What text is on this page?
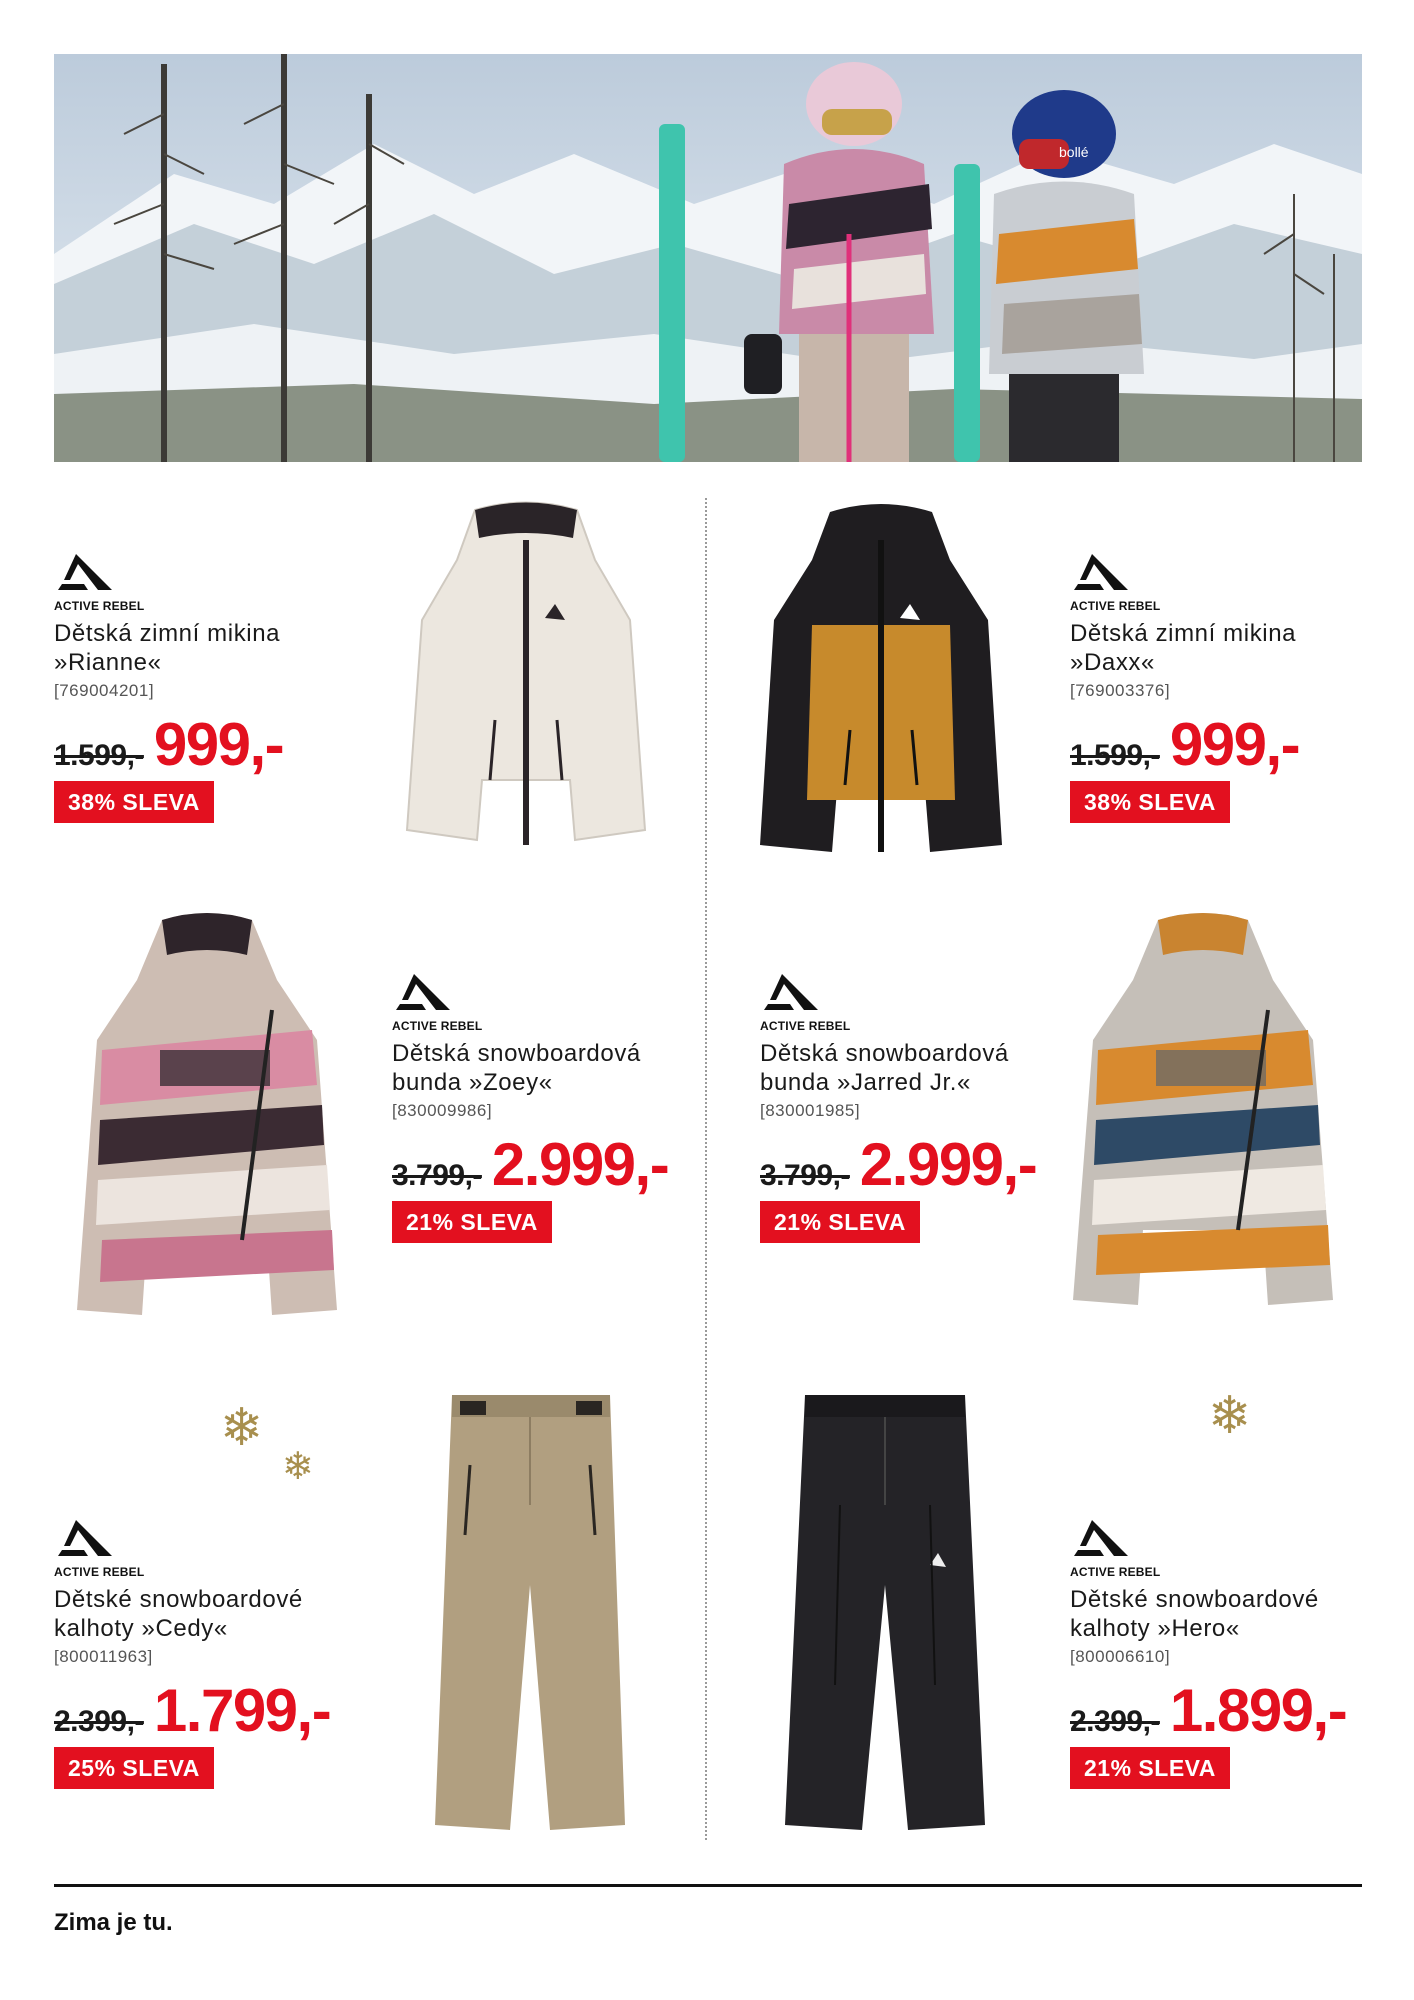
bollé
ACTIVE REBEL
Dětská zimní mikina
»Rianne«
[769004201]
1.599,- 999,-
38% SLEVA
ACTIVE REBEL
Dětská zimní mikina
»Daxx«
[769003376]
1.599,- 999,-
38% SLEVA
ACTIVE REBEL
Dětská snowboardová
bunda »Zoey«
[830009986]
3.799,- 2.999,-
21% SLEVA
ACTIVE REBEL
Dětská snowboardová
bunda »Jarred Jr.«
[830001985]
3.799,- 2.999,-
21% SLEVA
❄
❄
❄
ACTIVE REBEL
Dětské snowboardové
kalhoty »Cedy«
[800011963]
2.399,- 1.799,-
25% SLEVA
ACTIVE REBEL
Dětské snowboardové
kalhoty »Hero«
[800006610]
2.399,- 1.899,-
21% SLEVA
Zima je tu.
